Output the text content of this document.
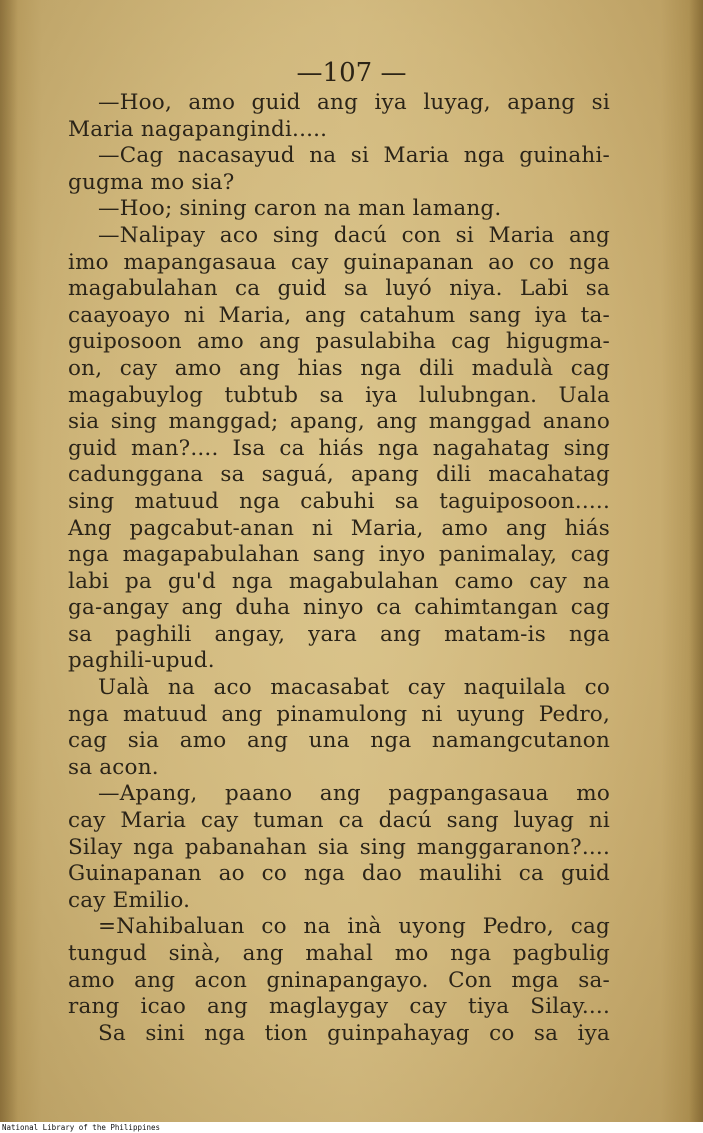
—107 —
—Hoo, amo guid ang iya luyag, apang si
Maria nagapangindi.....
—Cag nacasayud na si Maria nga guinahi-
gugma mo sia?
—Hoo; sining caron na man lamang.
—Nalipay aco sing dacú con si Maria ang
imo mapangasaua cay guinapanan ao co nga
magabulahan ca guid sa luyó niya. Labi sa
caayoayo ni Maria, ang catahum sang iya ta-
guiposoon amo ang pasulabiha cag higugma-
on, cay amo ang hias nga dili madulà cag
magabuylog tubtub sa iya lulubngan. Uala
sia sing manggad; apang, ang manggad anano
guid man?.... Isa ca hiás nga nagahatag sing
cadunggana sa saguá, apang dili macahatag
sing matuud nga cabuhi sa taguiposoon.....
Ang pagcabut-anan ni Maria, amo ang hiás
nga magapabulahan sang inyo panimalay, cag
labi pa gu'd nga magabulahan camo cay na
ga-angay ang duha ninyo ca cahimtangan cag
sa paghili angay, yara ang matam-is nga
paghili-upud.
Ualà na aco macasabat cay naquilala co
nga matuud ang pinamulong ni uyung Pedro,
cag sia amo ang una nga namangcutanon
sa acon.
—Apang, paano ang pagpangasaua mo
cay Maria cay tuman ca dacú sang luyag ni
Silay nga pabanahan sia sing manggaranon?....
Guinapanan ao co nga dao maulihi ca guid
cay Emilio.
=Nahibaluan co na inà uyong Pedro, cag
tungud sinà, ang mahal mo nga pagbulig
amo ang acon gninapangayo. Con mga sa-
rang icao ang maglaygay cay tiya Silay....
Sa sini nga tion guinpahayag co sa iya
National Library of the Philippines
